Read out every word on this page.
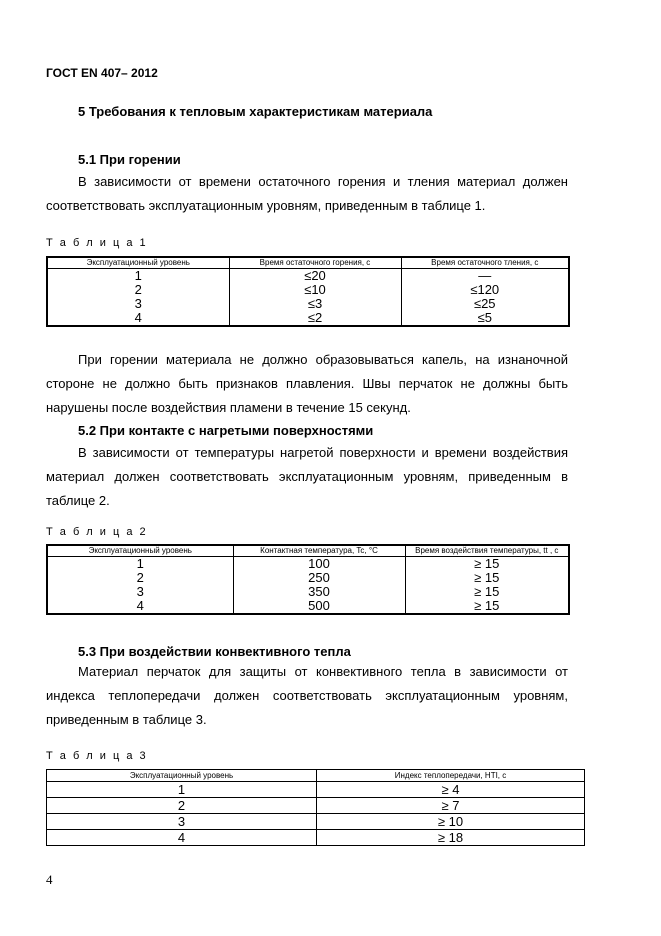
ГОСТ EN 407– 2012
5 Требования к тепловым характеристикам материала
5.1 При горении
В зависимости от времени остаточного горения и тления материал должен
соответствовать эксплуатационным уровням, приведенным в таблице 1.
Т а б л и ц а 1
Эксплуатационный уровень	Время остаточного горения, с	Время остаточного тления, с
1	≤20	—
2	≤10	≤120
3	≤3	≤25
4	≤2	≤5
При горении материала не должно образовываться капель, на изнаночной
стороне не должно быть признаков плавления. Швы перчаток не должны быть
нарушены после воздействия пламени в течение 15 секунд.
5.2 При контакте с нагретыми поверхностями
В зависимости от температуры нагретой поверхности и времени воздействия
материал должен соответствовать эксплуатационным уровням, приведенным в
таблице 2.
Т а б л и ц а 2
Эксплуатационный уровень	Контактная температура, Tc, °С	Время воздействия температуры, tt , с
1	100	≥ 15
2	250	≥ 15
3	350	≥ 15
4	500	≥ 15
5.3 При воздействии конвективного тепла
Материал перчаток для защиты от конвективного тепла в зависимости от
индекса теплопередачи должен соответствовать эксплуатационным уровням,
приведенным в таблице 3.
Т а б л и ц а 3
Эксплуатационный уровень	Индекс теплопередачи, HTI, с
1	≥ 4
2	≥ 7
3	≥ 10
4	≥ 18
4
